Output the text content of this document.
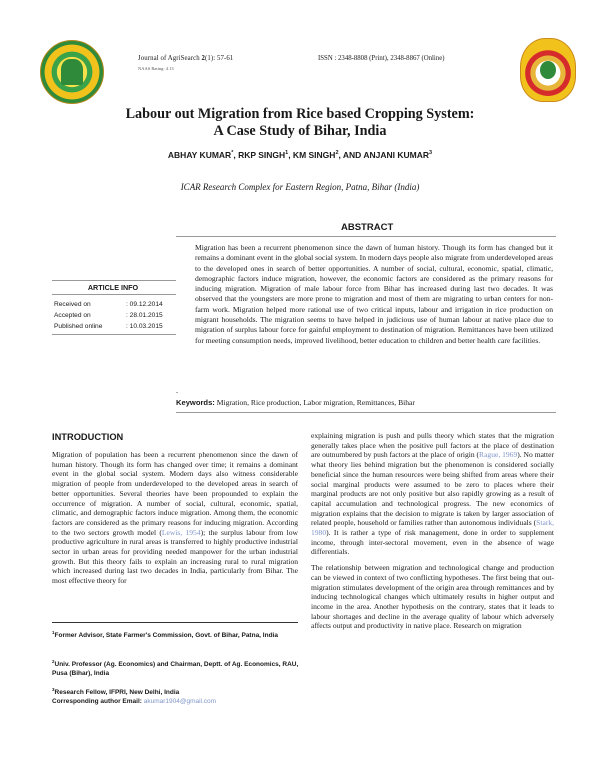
Journal of AgriSearch 2(1): 57-61
NAAS Rating: 4.13
ISSN : 2348-8808 (Print), 2348-8867 (Online)
Labour out Migration from Rice based Cropping System:
A Case Study of Bihar, India
ABHAY KUMAR*, RKP SINGH$^1$, KM SINGH$^2$, AND ANJANI KUMAR$^3$
ICAR Research Complex for Eastern Region, Patna, Bihar (India)
ABSTRACT
Migration has been a recurrent phenomenon since the dawn of human history. Though its form has changed but it remains a dominant event in the global social system. In modern days people also migrate from underdeveloped areas to the developed ones in search of better opportunities. A number of social, cultural, economic, spatial, climatic, demographic factors induce migration, however, the economic factors are considered as the primary reasons for inducing migration. Migration of male labour force from Bihar has increased during last two decades. It was observed that the youngsters are more prone to migration and most of them are migrating to urban centers for non-farm work. Migration helped more rational use of two critical inputs, labour and irrigation in rice production on migrant households. The migration seems to have helped in judicious use of human labour at native place due to migration of surplus labour force for gainful employment to destination of migration. Remittances have been utilized for meeting consumption needs, improved livelihood, better education to children and better health care facilities.
.
Keywords: Migration, Rice production, Labor migration, Remittances, Bihar
ARTICLE INFO
Received on	: 09.12.2014
Accepted on	: 28.01.2015
Published online	: 10.03.2015
INTRODUCTION
Migration of population has been a recurrent phenomenon since the dawn of human history. Though its form has changed over time; it remains a dominant event in the global social system. Modern days also witness considerable migration of people from underdeveloped to the developed areas in search of better opportunities. Several theories have been propounded to explain the occurrence of migration. A number of social, cultural, economic, spatial, climatic, and demographic factors induce migration. Among them, the economic factors are considered as the primary reasons for inducing migration. According to the two sectors growth model (Lewis, 1954); the surplus labour from low productive agriculture in rural areas is transferred to highly productive industrial sector in urban areas for providing needed manpower for the urban industrial growth. But this theory fails to explain an increasing rural to rural migration which increased during last two decades in India, particularly from Bihar. The most effective theory for

explaining migration is push and pulls theory which states that the migration generally takes place when the positive pull factors at the place of destination are outnumbered by push factors at the place of origin (Rague, 1969). No matter what theory lies behind migration but the phenomenon is considered socially beneficial since the human resources were being shifted from areas where their social marginal products were assumed to be zero to places where their marginal products are not only positive but also rapidly growing as a result of capital accumulation and technological progress. The new economics of migration explains that the decision to migrate is taken by larger association of related people, household or families rather than autonomous individuals (Stark, 1980). It is rather a type of risk management, done in order to supplement income, through inter-sectoral movement, even in the absence of wage differentials.

The relationship between migration and technological change and production can be viewed in context of two conflicting hypotheses. The first being that out-migration stimulates development of the origin area through remittances and by inducing technological changes which ultimately results in higher output and income in the area. Another hypothesis on the contrary, states that it leads to labour shortages and decline in the average quality of labour which adversely affects output and productivity in native place. Research on migration

$^1$Former Advisor, State Farmer's Commission, Govt. of Bihar, Patna, India
$^2$Univ. Professor (Ag. Economics) and Chairman, Deptt. of Ag. Economics, RAU, Pusa (Bihar), India
$^3$Research Fellow, IFPRI, New Delhi, India
Corresponding author Email: akumar1904@gmail.com
